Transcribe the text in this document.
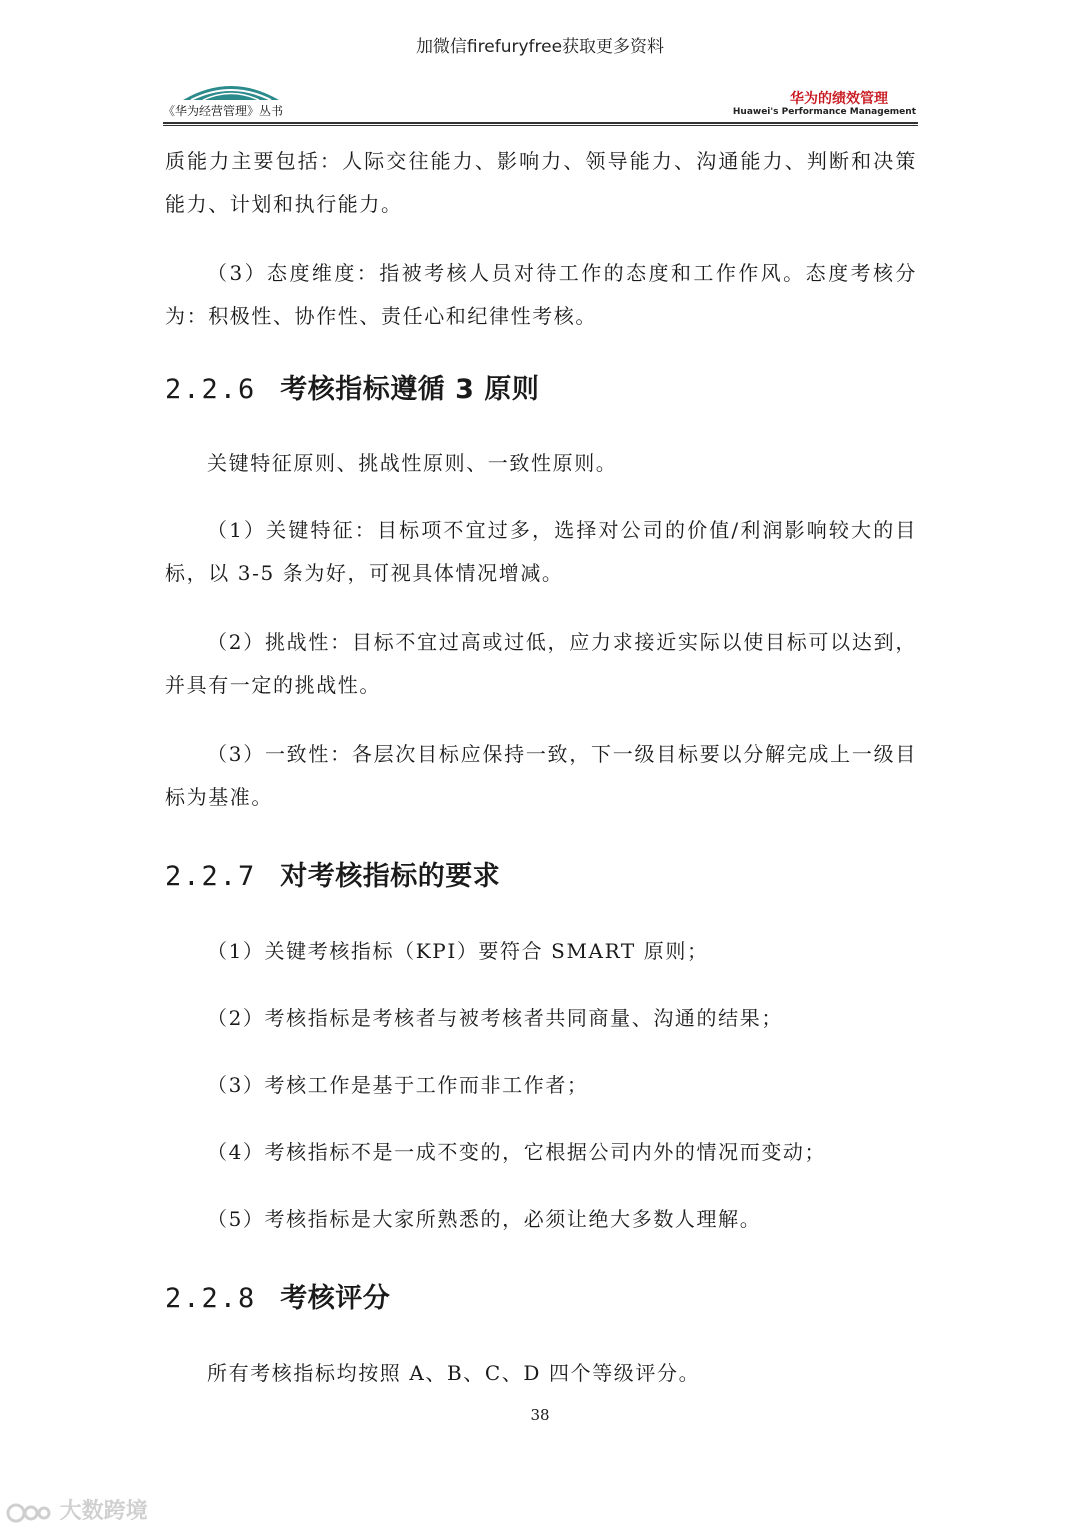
加微信firefuryfree获取更多资料
《华为经营管理》丛书
华为的绩效管理
Huawei's Performance Management

质能力主要包括：人际交往能力、影响力、领导能力、沟通能力、判断和决策能力、计划和执行能力。

（3）态度维度：指被考核人员对待工作的态度和工作作风。态度考核分为：积极性、协作性、责任心和纪律性考核。

2.2.6 考核指标遵循 3 原则

关键特征原则、挑战性原则、一致性原则。

（1）关键特征：目标项不宜过多，选择对公司的价值/利润影响较大的目标，以 3-5 条为好，可视具体情况增减。

（2）挑战性：目标不宜过高或过低，应力求接近实际以使目标可以达到，并具有一定的挑战性。

（3）一致性：各层次目标应保持一致，下一级目标要以分解完成上一级目标为基准。

2.2.7 对考核指标的要求

（1）关键考核指标（KPI）要符合 SMART 原则；

（2）考核指标是考核者与被考核者共同商量、沟通的结果；

（3）考核工作是基于工作而非工作者；

（4）考核指标不是一成不变的，它根据公司内外的情况而变动；

（5）考核指标是大家所熟悉的，必须让绝大多数人理解。

2.2.8 考核评分

所有考核指标均按照 A、B、C、D 四个等级评分。

38
大数跨境
